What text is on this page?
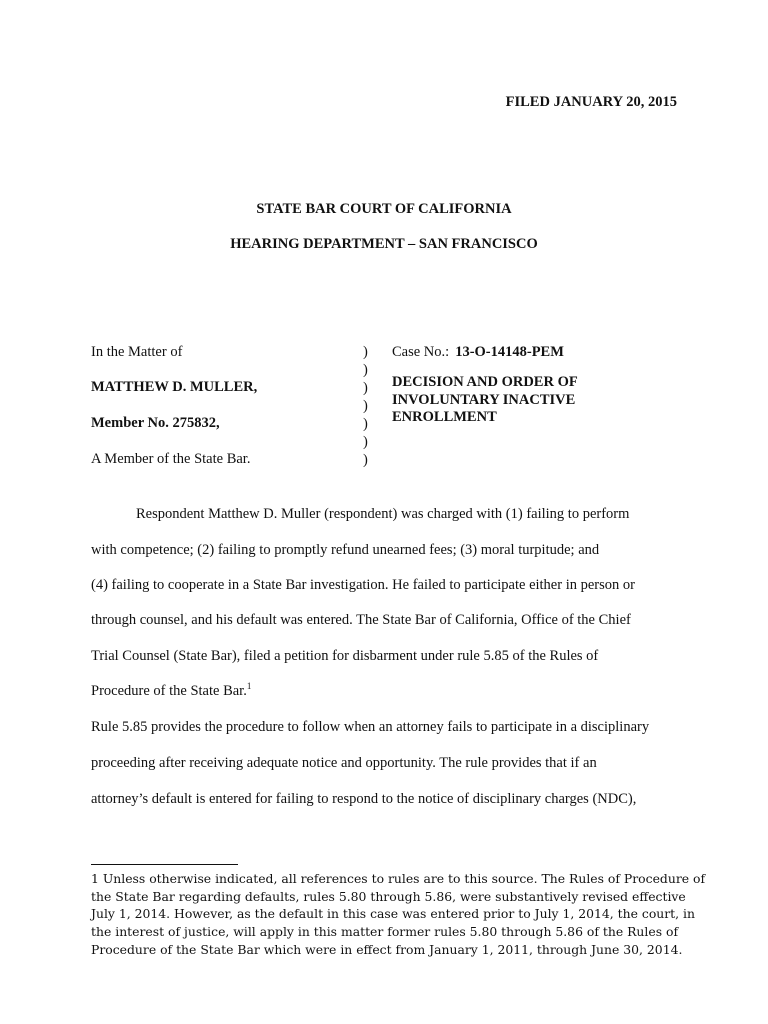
FILED JANUARY 20, 2015
STATE BAR COURT OF CALIFORNIA
HEARING DEPARTMENT – SAN FRANCISCO
In the Matter of
MATTHEW D. MULLER,
Member No. 275832,
A Member of the State Bar.
)
)
)
)
)
)
)
Case No.: 13-O-14148-PEM
DECISION AND ORDER OF
INVOLUNTARY INACTIVE
ENROLLMENT
Respondent Matthew D. Muller (respondent) was charged with (1) failing to perform
with competence; (2) failing to promptly refund unearned fees; (3) moral turpitude; and
(4) failing to cooperate in a State Bar investigation. He failed to participate either in person or
through counsel, and his default was entered. The State Bar of California, Office of the Chief
Trial Counsel (State Bar), filed a petition for disbarment under rule 5.85 of the Rules of
Procedure of the State Bar.$^1$
Rule 5.85 provides the procedure to follow when an attorney fails to participate in a disciplinary
proceeding after receiving adequate notice and opportunity. The rule provides that if an
attorney’s default is entered for failing to respond to the notice of disciplinary charges (NDC),
1 Unless otherwise indicated, all references to rules are to this source. The Rules of Procedure of
the State Bar regarding defaults, rules 5.80 through 5.86, were substantively revised effective
July 1, 2014. However, as the default in this case was entered prior to July 1, 2014, the court, in
the interest of justice, will apply in this matter former rules 5.80 through 5.86 of the Rules of
Procedure of the State Bar which were in effect from January 1, 2011, through June 30, 2014.
